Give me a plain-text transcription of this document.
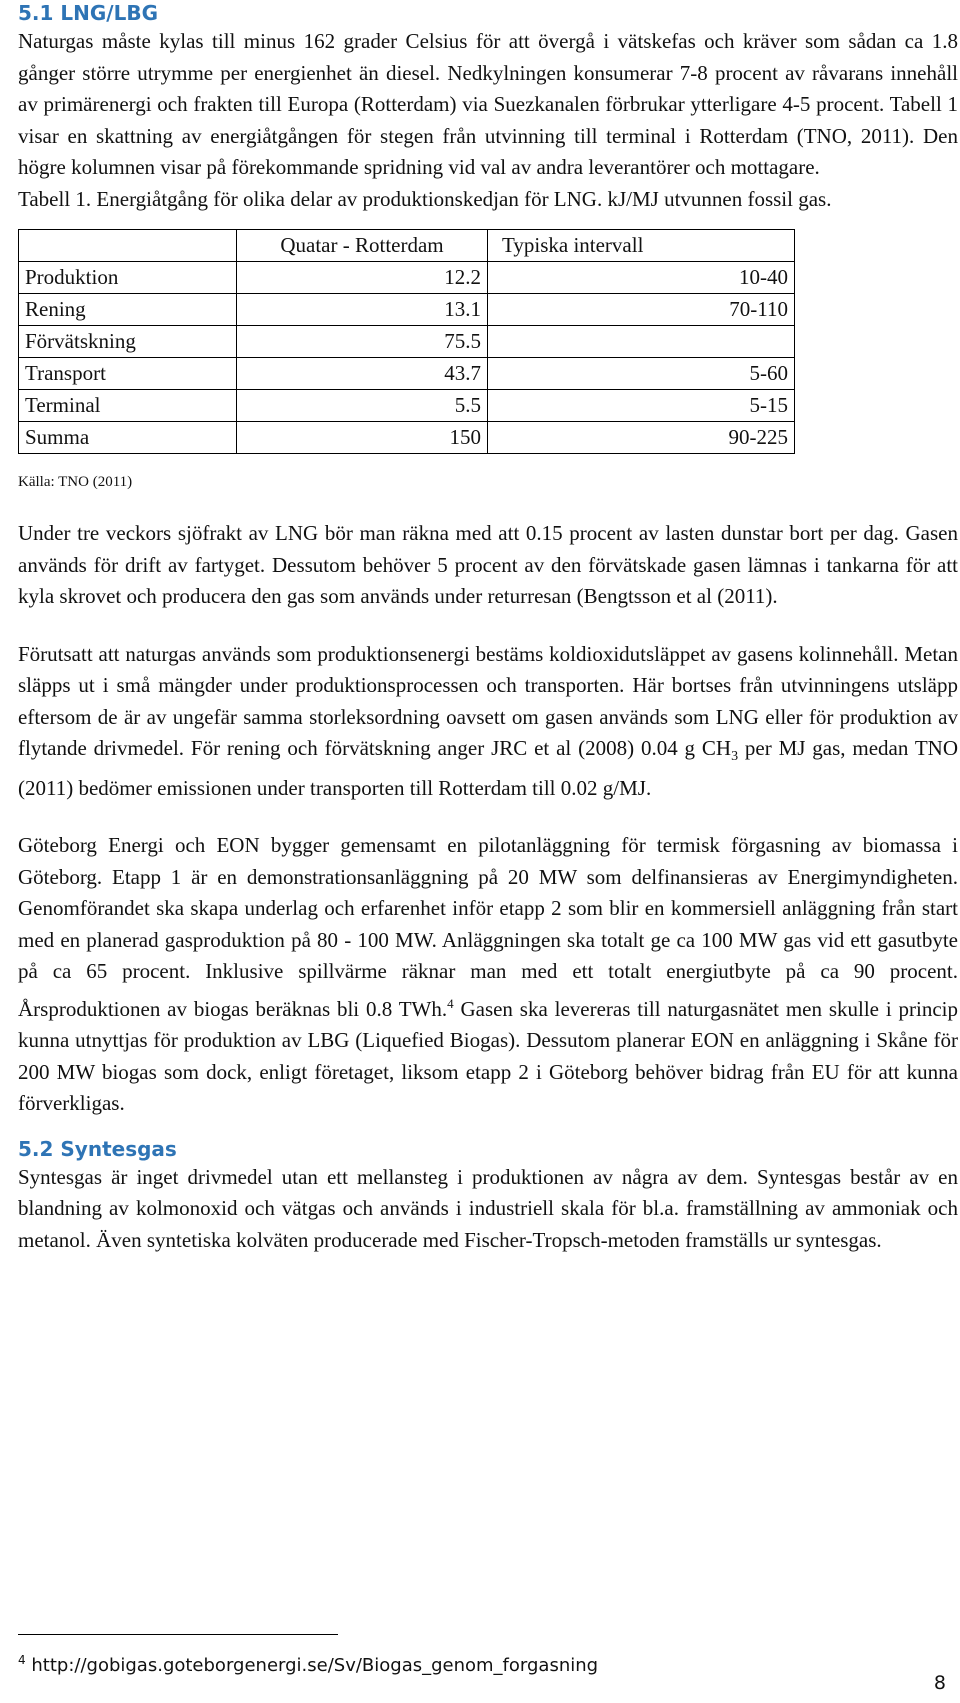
5.1 LNG/LBG

Naturgas måste kylas till minus 162 grader Celsius för att övergå i vätskefas och kräver som sådan ca 1.8 gånger större utrymme per energienhet än diesel. Nedkylningen konsumerar 7-8 procent av råvarans innehåll av primärenergi och frakten till Europa (Rotterdam) via Suezkanalen förbrukar ytterligare 4-5 procent. Tabell 1 visar en skattning av energiåtgången för stegen från utvinning till terminal i Rotterdam (TNO, 2011). Den högre kolumnen visar på förekommande spridning vid val av andra leverantörer och mottagare.

Tabell 1. Energiåtgång för olika delar av produktionskedjan för LNG. kJ/MJ utvunnen fossil gas.

	Quatar - Rotterdam	Typiska intervall
Produktion	12.2	10-40
Rening	13.1	70-110
Förvätskning	75.5	
Transport	43.7	5-60
Terminal	5.5	5-15
Summa	150	90-225
Källa: TNO (2011)

Under tre veckors sjöfrakt av LNG bör man räkna med att 0.15 procent av lasten dunstar bort per dag. Gasen används för drift av fartyget. Dessutom behöver 5 procent av den förvätskade gasen lämnas i tankarna för att kyla skrovet och producera den gas som används under returresan (Bengtsson et al (2011).

Förutsatt att naturgas används som produktionsenergi bestäms koldioxidutsläppet av gasens kolinnehåll. Metan släpps ut i små mängder under produktionsprocessen och transporten. Här bortses från utvinningens utsläpp eftersom de är av ungefär samma storleksordning oavsett om gasen används som LNG eller för produktion av flytande drivmedel. För rening och förvätskning anger JRC et al (2008) 0.04 g $CH_3$ per MJ gas, medan TNO (2011) bedömer emissionen under transporten till Rotterdam till 0.02 g/MJ.

Göteborg Energi och EON bygger gemensamt en pilotanläggning för termisk förgasning av biomassa i Göteborg. Etapp 1 är en demonstrationsanläggning på 20 MW som delfinansieras av Energimyndigheten. Genomförandet ska skapa underlag och erfarenhet inför etapp 2 som blir en kommersiell anläggning från start med en planerad gasproduktion på 80 - 100 MW. Anläggningen ska totalt ge ca 100 MW gas vid ett gasutbyte på ca 65 procent. Inklusive spillvärme räknar man med ett totalt energiutbyte på ca 90 procent. Årsproduktionen av biogas beräknas bli 0.8 TWh.$^4$ Gasen ska levereras till naturgasnätet men skulle i princip kunna utnyttjas för produktion av LBG (Liquefied Biogas). Dessutom planerar EON en anläggning i Skåne för 200 MW biogas som dock, enligt företaget, liksom etapp 2 i Göteborg behöver bidrag från EU för att kunna förverkligas.

5.2 Syntesgas

Syntesgas är inget drivmedel utan ett mellansteg i produktionen av några av dem. Syntesgas består av en blandning av kolmonoxid och vätgas och används i industriell skala för bl.a. framställning av ammoniak och metanol. Även syntetiska kolväten producerade med Fischer-Tropsch-metoden framställs ur syntesgas.

$^4$ http://gobigas.goteborgenergi.se/Sv/Biogas_genom_forgasning
8
